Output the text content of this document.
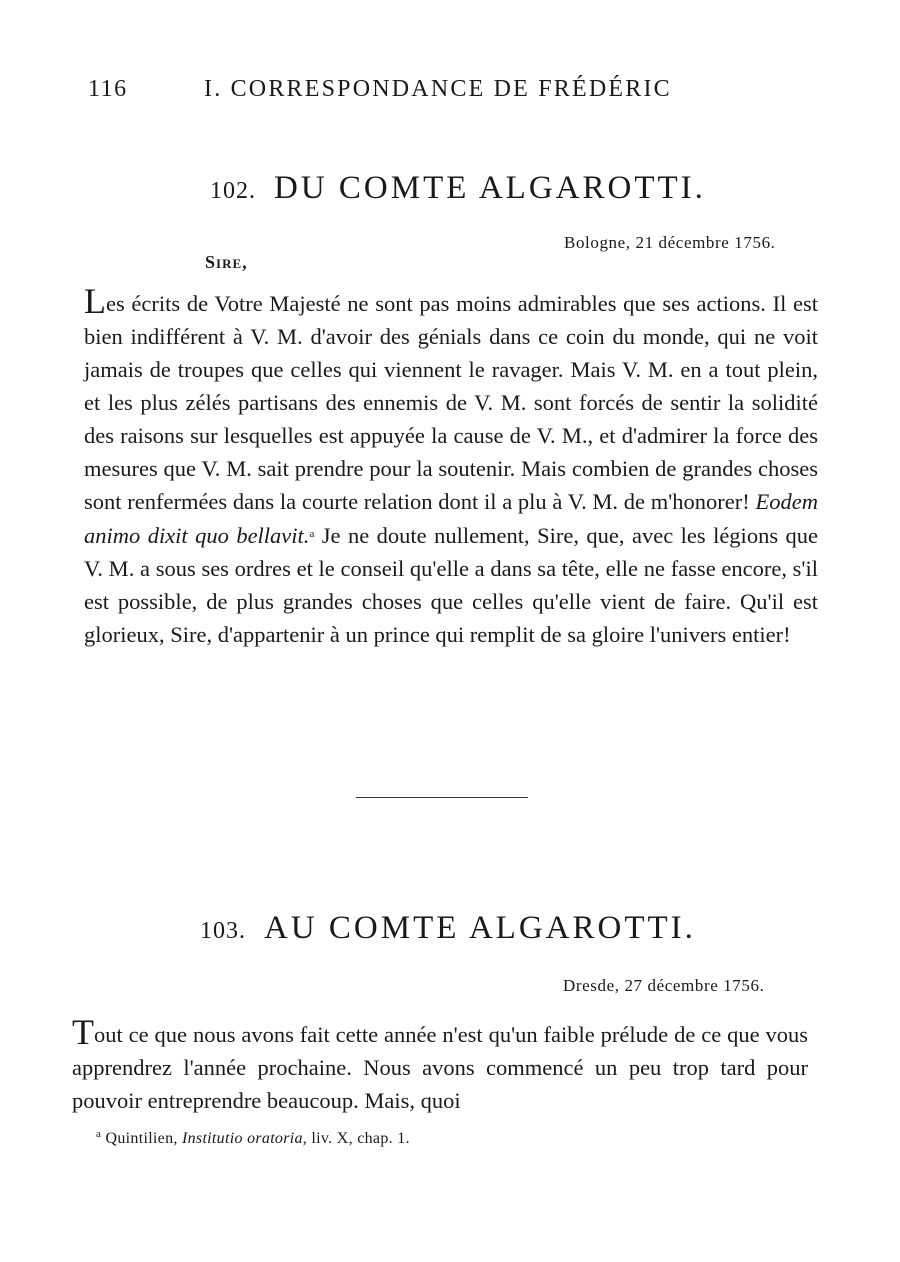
116	I. CORRESPONDANCE DE FRÉDÉRIC
102. DU COMTE ALGAROTTI.
Bologne, 21 décembre 1756.
Sire,

Les écrits de Votre Majesté ne sont pas moins admirables que ses actions. Il est bien indifférent à V. M. d'avoir des génials dans ce coin du monde, qui ne voit jamais de troupes que celles qui viennent le ravager. Mais V. M. en a tout plein, et les plus zélés partisans des ennemis de V. M. sont forcés de sentir la solidité des raisons sur lesquelles est appuyée la cause de V. M., et d'admirer la force des mesures que V. M. sait prendre pour la soutenir. Mais combien de grandes choses sont renfermées dans la courte relation dont il a plu à V. M. de m'honorer! Eodem animo dixit quo bellavit.$^a$ Je ne doute nullement, Sire, que, avec les légions que V. M. a sous ses ordres et le conseil qu'elle a dans sa tête, elle ne fasse encore, s'il est possible, de plus grandes choses que celles qu'elle vient de faire. Qu'il est glorieux, Sire, d'appartenir à un prince qui remplit de sa gloire l'univers entier!

103. AU COMTE ALGAROTTI.
Dresde, 27 décembre 1756.

Tout ce que nous avons fait cette année n'est qu'un faible prélude de ce que vous apprendrez l'année prochaine. Nous avons commencé un peu trop tard pour pouvoir entreprendre beaucoup. Mais, quoi

$^a$ Quintilien, Institutio oratoria, liv. X, chap. 1.
